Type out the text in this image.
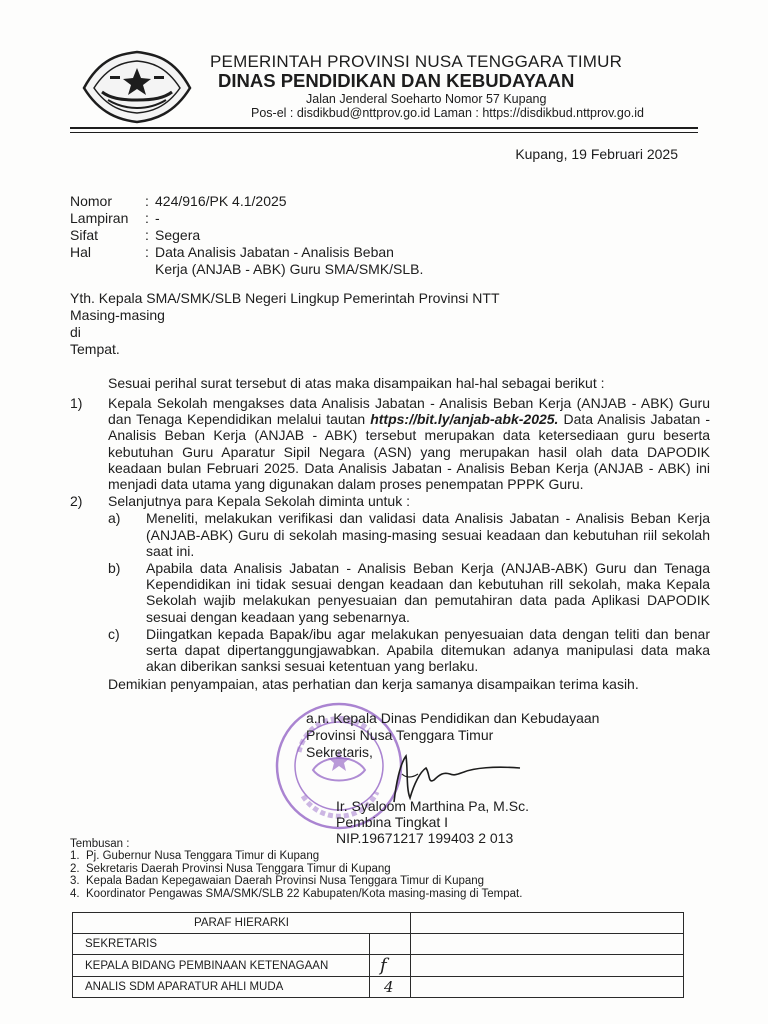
PEMERINTAH PROVINSI NUSA TENGGARA TIMUR
DINAS PENDIDIKAN DAN KEBUDAYAAN
Jalan Jenderal Soeharto Nomor 57 Kupang
Pos-el : disdikbud@nttprov.go.id Laman : https://disdikbud.nttprov.go.id
Kupang, 19 Februari 2025
Nomor	: 424/916/PK 4.1/2025
Lampiran	: -
Sifat	: Segera
Hal	: Data Analisis Jabatan - Analisis Beban
Kerja (ANJAB - ABK) Guru SMA/SMK/SLB.
Yth. Kepala SMA/SMK/SLB Negeri Lingkup Pemerintah Provinsi NTT
Masing-masing
di
Tempat.
Sesuai perihal surat tersebut di atas maka disampaikan hal-hal sebagai berikut :
1)	Kepala Sekolah mengakses data Analisis Jabatan - Analisis Beban Kerja (ANJAB - ABK) Guru dan Tenaga Kependidikan melalui tautan https://bit.ly/anjab-abk-2025. Data Analisis Jabatan - Analisis Beban Kerja (ANJAB - ABK) tersebut merupakan data ketersediaan guru beserta kebutuhan Guru Aparatur Sipil Negara (ASN) yang merupakan hasil olah data DAPODIK keadaan bulan Februari 2025. Data Analisis Jabatan - Analisis Beban Kerja (ANJAB - ABK) ini menjadi data utama yang digunakan dalam proses penempatan PPPK Guru.
2)	Selanjutnya para Kepala Sekolah diminta untuk :
a)	Meneliti, melakukan verifikasi dan validasi data Analisis Jabatan - Analisis Beban Kerja (ANJAB-ABK) Guru di sekolah masing-masing sesuai keadaan dan kebutuhan riil sekolah saat ini.
b)	Apabila data Analisis Jabatan - Analisis Beban Kerja (ANJAB-ABK) Guru dan Tenaga Kependidikan ini tidak sesuai dengan keadaan dan kebutuhan rill sekolah, maka Kepala Sekolah wajib melakukan penyesuaian dan pemutahiran data pada Aplikasi DAPODIK sesuai dengan keadaan yang sebenarnya.
c)	Diingatkan kepada Bapak/ibu agar melakukan penyesuaian data dengan teliti dan benar serta dapat dipertanggungjawabkan. Apabila ditemukan adanya manipulasi data maka akan diberikan sanksi sesuai ketentuan yang berlaku.
Demikian penyampaian, atas perhatian dan kerja samanya disampaikan terima kasih.
a.n. Kepala Dinas Pendidikan dan Kebudayaan
Provinsi Nusa Tenggara Timur
Sekretaris,
Ir. Syaloom Marthina Pa, M.Sc.
Pembina Tingkat I
NIP.19671217 199403 2 013
Tembusan :
1. Pj. Gubernur Nusa Tenggara Timur di Kupang
2. Sekretaris Daerah Provinsi Nusa Tenggara Timur di Kupang
3. Kepala Badan Kepegawaian Daerah Provinsi Nusa Tenggara Timur di Kupang
4. Koordinator Pengawas SMA/SMK/SLB 22 Kabupaten/Kota masing-masing di Tempat.
PARAF HIERARKI		
SEKRETARIS		
KEPALA BIDANG PEMBINAAN KETENAGAAN	f	
ANALIS SDM APARATUR AHLI MUDA	4	
